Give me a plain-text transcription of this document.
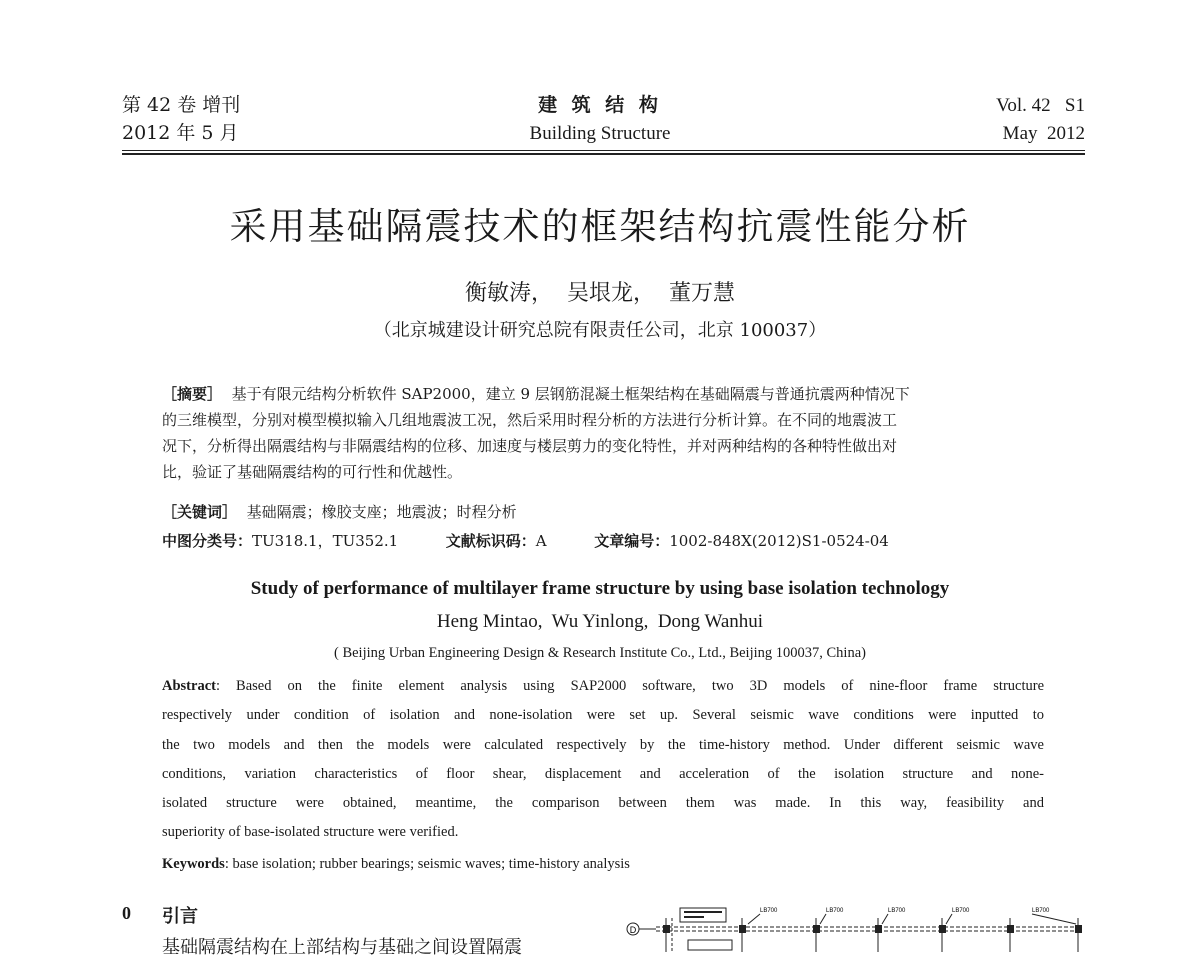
第 42 卷 增刊
2012 年 5 月
建 筑 结 构
Building Structure
Vol. 42   S1
May  2012
采用基础隔震技术的框架结构抗震性能分析
衡敏涛，  吴垠龙，  董万慧
（北京城建设计研究总院有限责任公司，北京 100037）
［摘要］ 基于有限元结构分析软件 SAP2000，建立 9 层钢筋混凝土框架结构在基础隔震与普通抗震两种情况下
的三维模型，分别对模型模拟输入几组地震波工况，然后采用时程分析的方法进行分析计算。在不同的地震波工
况下，分析得出隔震结构与非隔震结构的位移、加速度与楼层剪力的变化特性，并对两种结构的各种特性做出对
比，验证了基础隔震结构的可行性和优越性。
［关键词］ 基础隔震；橡胶支座；地震波；时程分析
中图分类号：TU318.1，TU352.1	文献标识码：A	文章编号：1002-848X(2012)S1-0524-04
Study of performance of multilayer frame structure by using base isolation technology
Heng Mintao,  Wu Yinlong,  Dong Wanhui
( Beijing Urban Engineering Design & Research Institute Co., Ltd., Beijing 100037, China)
Abstract: Based on the finite element analysis using SAP2000 software, two 3D models of nine-floor frame structure
respectively under condition of isolation and none-isolation were set up. Several seismic wave conditions were inputted to
the two models and then the models were calculated respectively by the time-history method. Under different seismic wave
conditions, variation characteristics of floor shear, displacement and acceleration of the isolation structure and none-
isolated structure were obtained, meantime, the comparison between them was made. In this way, feasibility and
superiority of base-isolated structure were verified.
Keywords: base isolation; rubber bearings; seismic waves; time-history analysis
0 引言
基础隔震结构在上部结构与基础之间设置隔震
D
LB700	LB700	LB700	LB700	LB700
